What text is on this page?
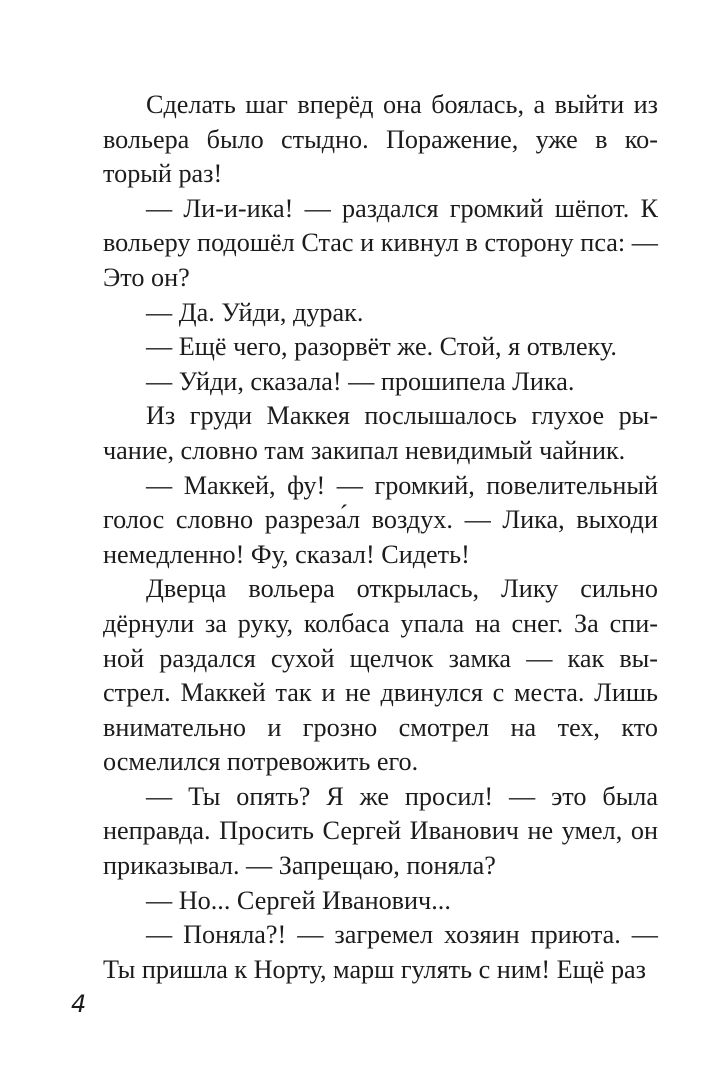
Сделать шаг вперёд она боялась, а выйти из вольера было стыдно. Поражение, уже в ко-торый раз!

— Ли-и-ика! — раздался громкий шёпот. К вольеру подошёл Стас и кивнул в сторону пса: — Это он?

— Да. Уйди, дурак.

— Ещё чего, разорвёт же. Стой, я отвлеку.

— Уйди, сказала! — прошипела Лика.

Из груди Маккея послышалось глухое ры-чание, словно там закипал невидимый чайник.

— Маккей, фу! — громкий, повелительный голос словно разреза́л воздух. — Лика, выходи немедленно! Фу, сказал! Сидеть!

Дверца вольера открылась, Лику сильно дёрнули за руку, колбаса упала на снег. За спи-ной раздался сухой щелчок замка — как вы-стрел. Маккей так и не двинулся с места. Лишь внимательно и грозно смотрел на тех, кто осмелился потревожить его.

— Ты опять? Я же просил! — это была неправда. Просить Сергей Иванович не умел, он приказывал. — Запрещаю, поняла?

— Но... Сергей Иванович...

— Поняла?! — загремел хозяин приюта. — Ты пришла к Норту, марш гулять с ним! Ещё раз

4
